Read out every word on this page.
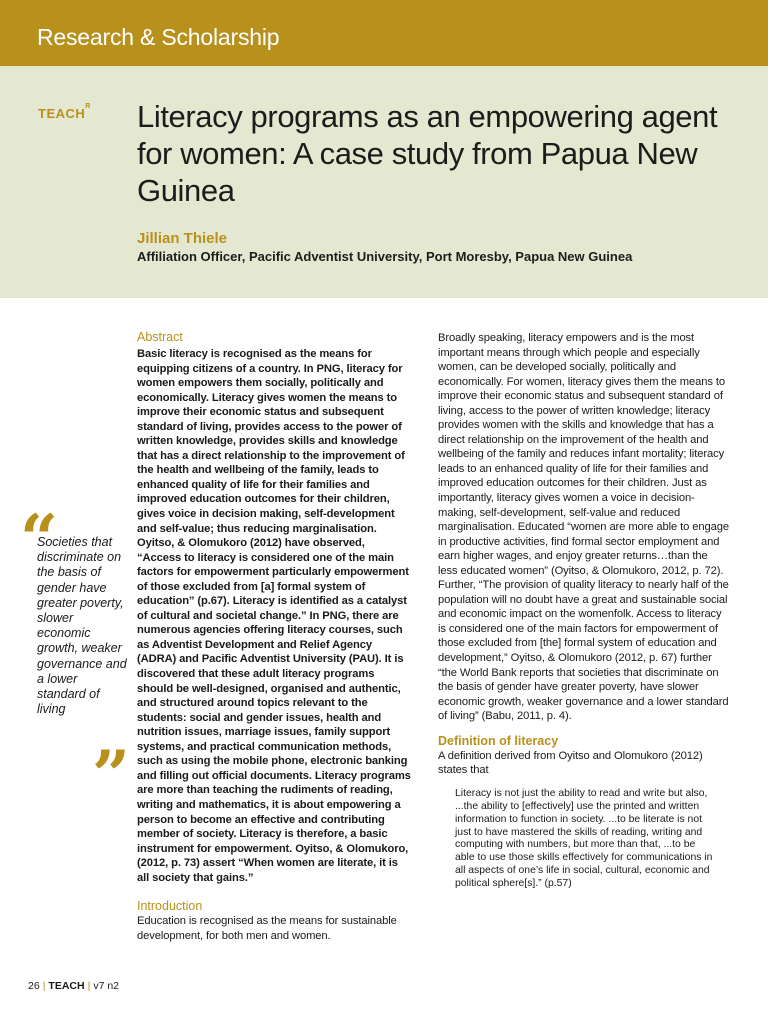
Research & Scholarship
$TEACH^R$ Literacy programs as an empowering agent for women: A case study from Papua New Guinea
Jillian Thiele
Affiliation Officer, Pacific Adventist University, Port Moresby, Papua New Guinea
“
Societies that discriminate on the basis of gender have greater poverty, slower economic growth, weaker governance and a lower standard of living
”
Abstract

Basic literacy is recognised as the means for equipping citizens of a country. In PNG, literacy for women empowers them socially, politically and economically. Literacy gives women the means to improve their economic status and subsequent standard of living, provides access to the power of written knowledge, provides skills and knowledge that has a direct relationship to the improvement of the health and wellbeing of the family, leads to enhanced quality of life for their families and improved education outcomes for their children, gives voice in decision making, self-development and self-value; thus reducing marginalisation. Oyitso, & Olomukoro (2012) have observed, “Access to literacy is considered one of the main factors for empowerment particularly empowerment of those excluded from [a] formal system of education” (p.67). Literacy is identified as a catalyst of cultural and societal change.” In PNG, there are numerous agencies offering literacy courses, such as Adventist Development and Relief Agency (ADRA) and Pacific Adventist University (PAU). It is discovered that these adult literacy programs should be well-designed, organised and authentic, and structured around topics relevant to the students: social and gender issues, health and nutrition issues, marriage issues, family support systems, and practical communication methods, such as using the mobile phone, electronic banking and filling out official documents. Literacy programs are more than teaching the rudiments of reading, writing and mathematics, it is about empowering a person to become an effective and contributing member of society. Literacy is therefore, a basic instrument for empowerment. Oyitso, & Olomukoro, (2012, p. 73) assert “When women are literate, it is all society that gains.”

Introduction

Education is recognised as the means for sustainable development, for both men and women.

Broadly speaking, literacy empowers and is the most important means through which people and especially women, can be developed socially, politically and economically. For women, literacy gives them the means to improve their economic status and subsequent standard of living, access to the power of written knowledge; literacy provides women with the skills and knowledge that has a direct relationship on the improvement of the health and wellbeing of the family and reduces infant mortality; literacy leads to an enhanced quality of life for their families and improved education outcomes for their children. Just as importantly, literacy gives women a voice in decision-making, self-development, self-value and reduced marginalisation. Educated “women are more able to engage in productive activities, find formal sector employment and earn higher wages, and enjoy greater returns…than the less educated women” (Oyitso, & Olomukoro, 2012, p. 72). Further, “The provision of quality literacy to nearly half of the population will no doubt have a great and sustainable social and economic impact on the womenfolk. Access to literacy is considered one of the main factors for empowerment of those excluded from [the] formal system of education and development,” Oyitso, & Olomukoro (2012, p. 67) further “the World Bank reports that societies that discriminate on the basis of gender have greater poverty, have slower economic growth, weaker governance and a lower standard of living” (Babu, 2011, p. 4).

Definition of literacy

A definition derived from Oyitso and Olomukoro (2012) states that

Literacy is not just the ability to read and write but also, ...the ability to [effectively] use the printed and written information to function in society. ...to be literate is not just to have mastered the skills of reading, writing and computing with numbers, but more than that, ...to be able to use those skills effectively for communications in all aspects of one’s life in social, cultural, economic and political sphere[s].” (p.57)

26 | TEACH | v7 n2
